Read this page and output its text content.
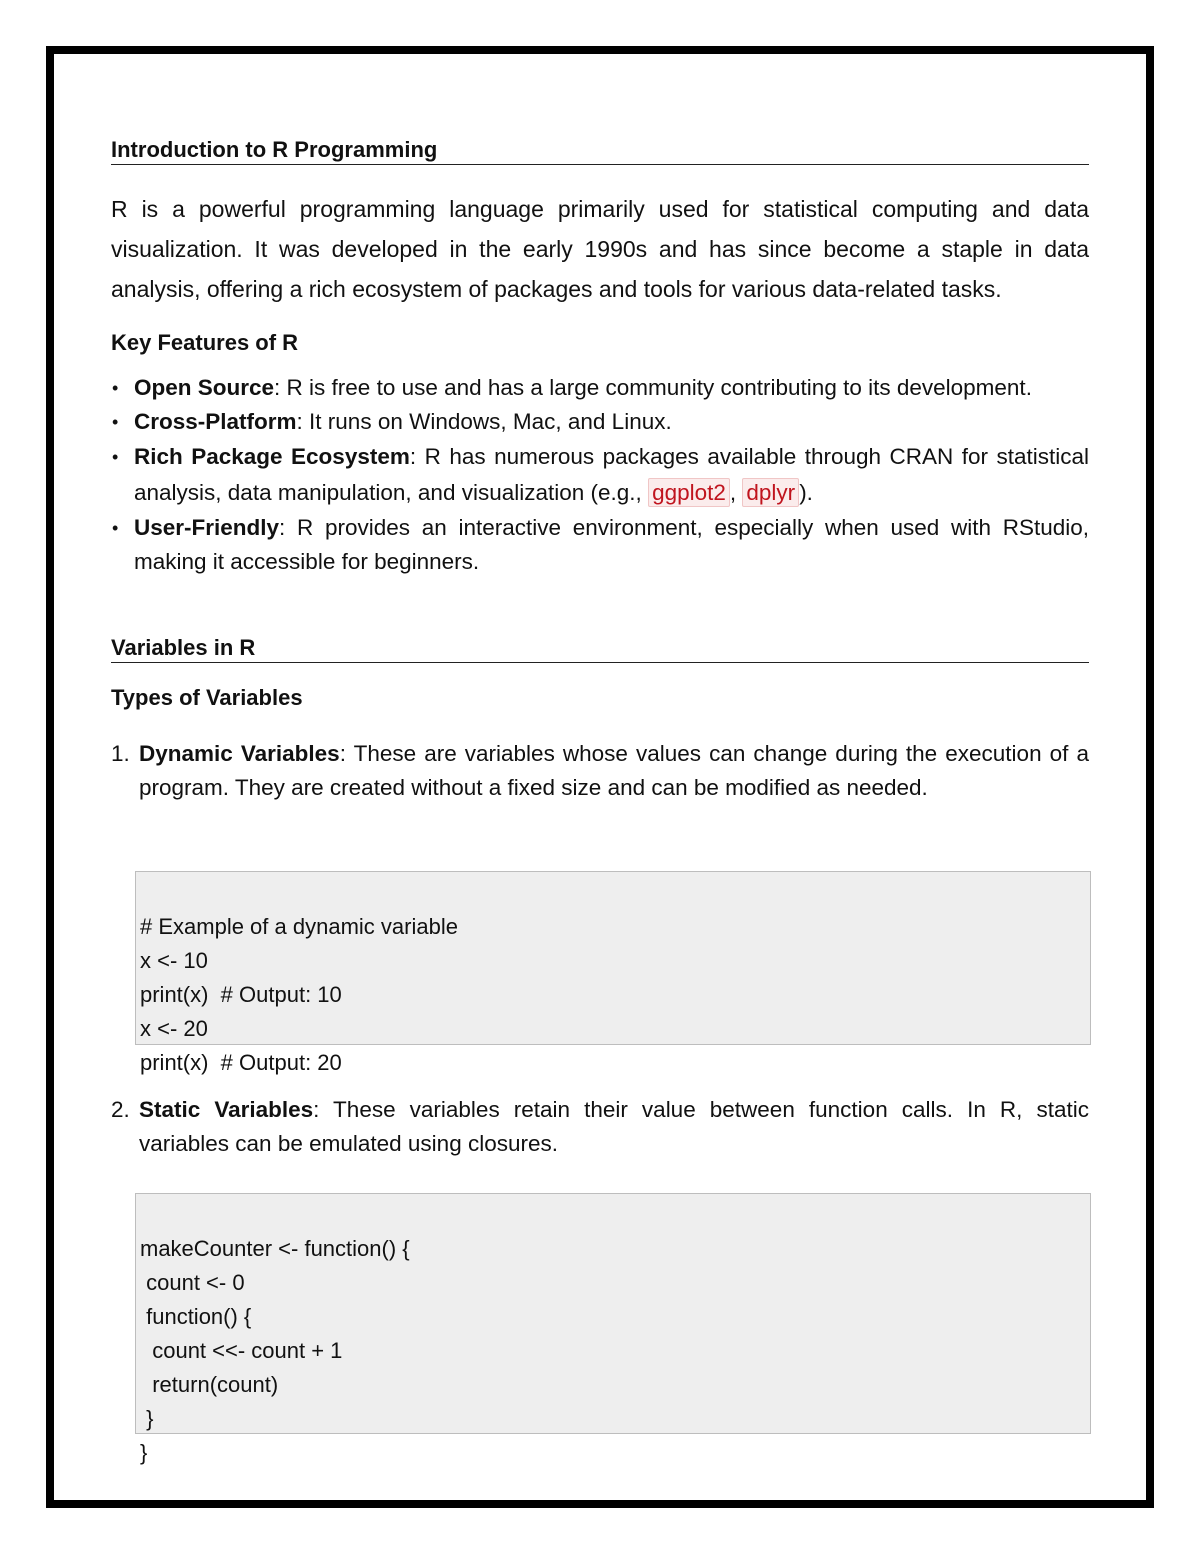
Introduction to R Programming
R is a powerful programming language primarily used for statistical computing and data visualization. It was developed in the early 1990s and has since become a staple in data analysis, offering a rich ecosystem of packages and tools for various data-related tasks.
Key Features of R
• Open Source: R is free to use and has a large community contributing to its development.
• Cross-Platform: It runs on Windows, Mac, and Linux.
• Rich Package Ecosystem: R has numerous packages available through CRAN for statistical analysis, data manipulation, and visualization (e.g., ggplot2 , dplyr ).
• User-Friendly: R provides an interactive environment, especially when used with RStudio, making it accessible for beginners.
Variables in R
Types of Variables
1. Dynamic Variables: These are variables whose values can change during the execution of a program. They are created without a fixed size and can be modified as needed.

# Example of a dynamic variable
x <- 10
print(x)  # Output: 10
x <- 20
print(x)  # Output: 20
2. Static Variables: These variables retain their value between function calls. In R, static variables can be emulated using closures.

makeCounter <- function() {
count <- 0
function() {
count <<- count + 1
return(count)
}
}
